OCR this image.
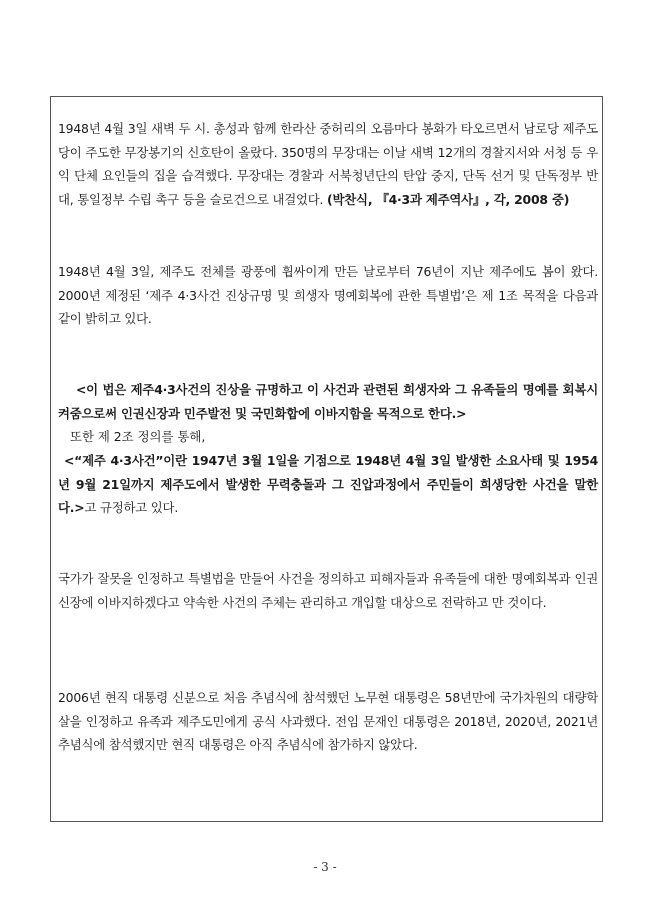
1948년 4월 3일 새벽 두 시. 총성과 함께 한라산 중허리의 오름마다 봉화가 타오르면서 남로당 제주도당이 주도한 무장봉기의 신호탄이 올랐다. 350명의 무장대는 이날 새벽 12개의 경찰지서와 서청 등 우익 단체 요인들의 집을 습격했다. 무장대는 경찰과 서북청년단의 탄압 중지, 단독 선거 및 단독정부 반대, 통일정부 수립 촉구 등을 슬로건으로 내걸었다. (박찬식, 『4·3과 제주역사』, 각, 2008 중)

1948년 4월 3일, 제주도 전체를 광풍에 휩싸이게 만든 날로부터 76년이 지난 제주에도 봄이 왔다. 2000년 제정된 ‘제주 4·3사건 진상규명 및 희생자 명예회복에 관한 특별법’은 제 1조 목적을 다음과 같이 밝히고 있다.

<이 법은 제주4·3사건의 진상을 규명하고 이 사건과 관련된 희생자와 그 유족들의 명예를 회복시켜줌으로써 인권신장과 민주발전 및 국민화합에 이바지함을 목적으로 한다.>

또한 제 2조 정의를 통해,

<“제주 4·3사건”이란 1947년 3월 1일을 기점으로 1948년 4월 3일 발생한 소요사태 및 1954년 9월 21일까지 제주도에서 발생한 무력충돌과 그 진압과정에서 주민들이 희생당한 사건을 말한다.>고 규정하고 있다.

국가가 잘못을 인정하고 특별법을 만들어 사건을 정의하고 피해자들과 유족들에 대한 명예회복과 인권신장에 이바지하겠다고 약속한 사건의 주체는 관리하고 개입할 대상으로 전락하고 만 것이다.

2006년 현직 대통령 신분으로 처음 추념식에 참석했던 노무현 대통령은 58년만에 국가차원의 대량학살을 인정하고 유족과 제주도민에게 공식 사과했다. 전임 문재인 대통령은 2018년, 2020년, 2021년 추념식에 참석했지만 현직 대통령은 아직 추념식에 참가하지 않았다.

- 3 -
